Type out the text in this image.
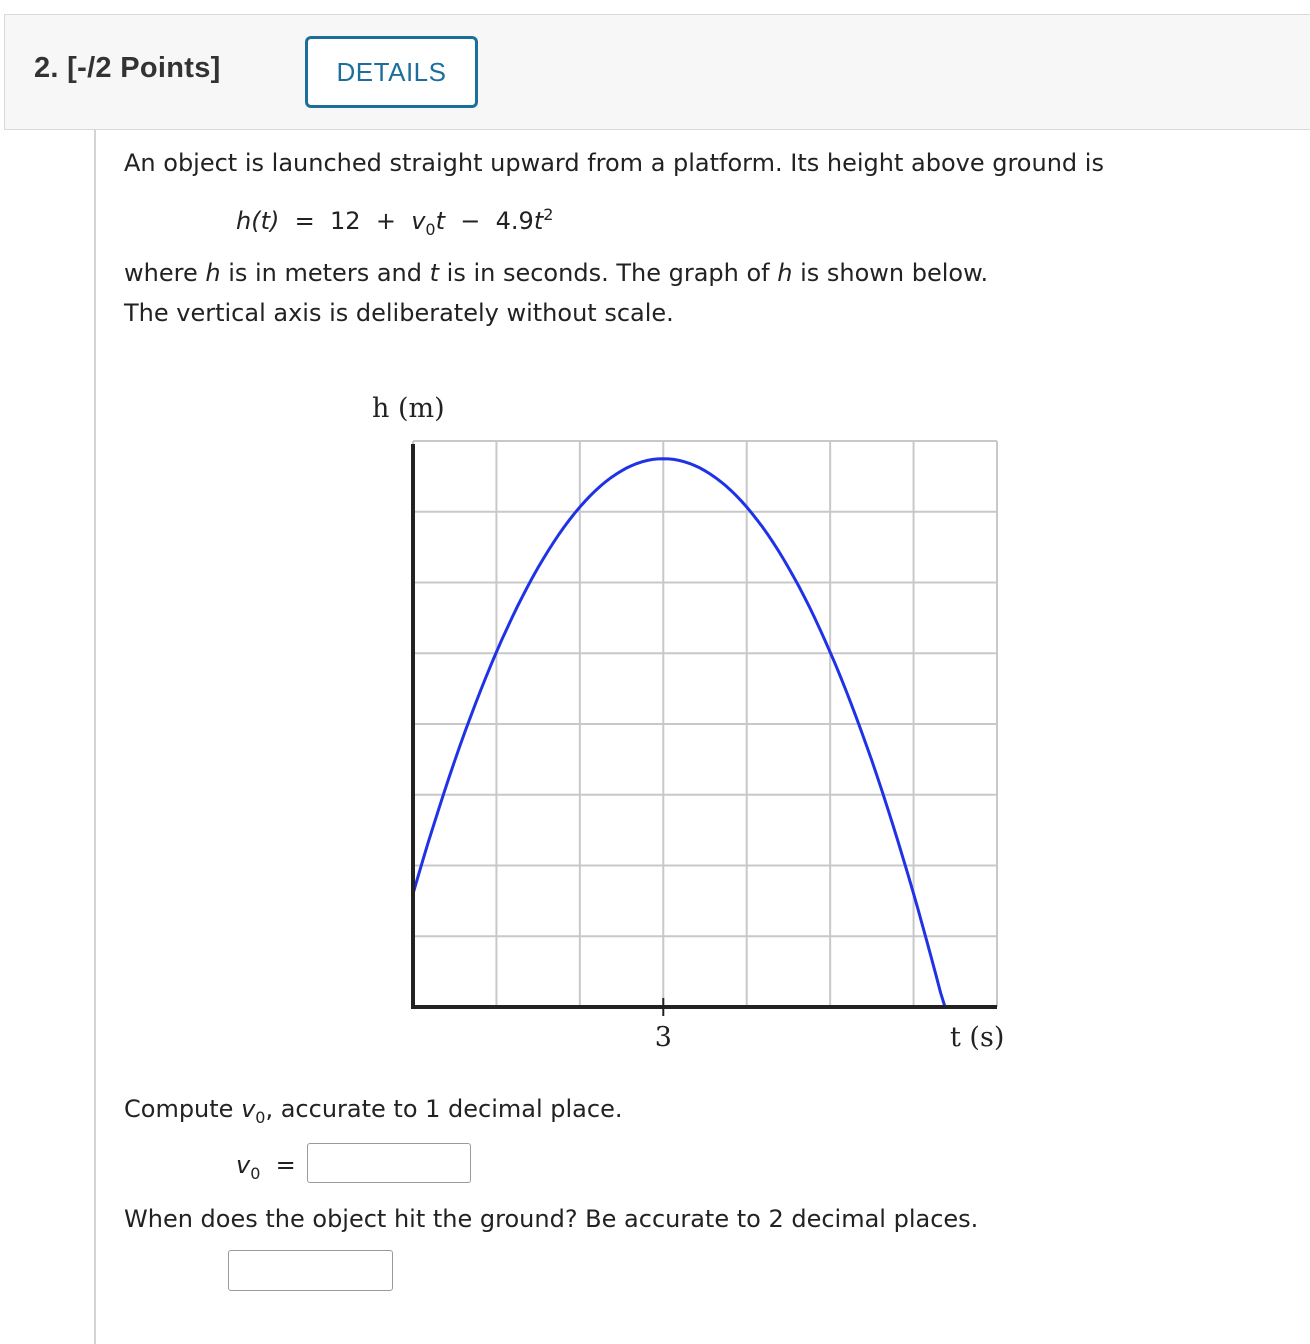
2. [-/2 Points]	DETAILS
An object is launched straight upward from a platform. Its height above ground is
$h(t) = 12 + v_0t - 4.9t^2$
where h is in meters and t is in seconds. The graph of h is shown below.
The vertical axis is deliberately without scale.
h (m)
3	t (s)
Compute $v_0$, accurate to 1 decimal place.
$v_0$ =
When does the object hit the ground? Be accurate to 2 decimal places.
